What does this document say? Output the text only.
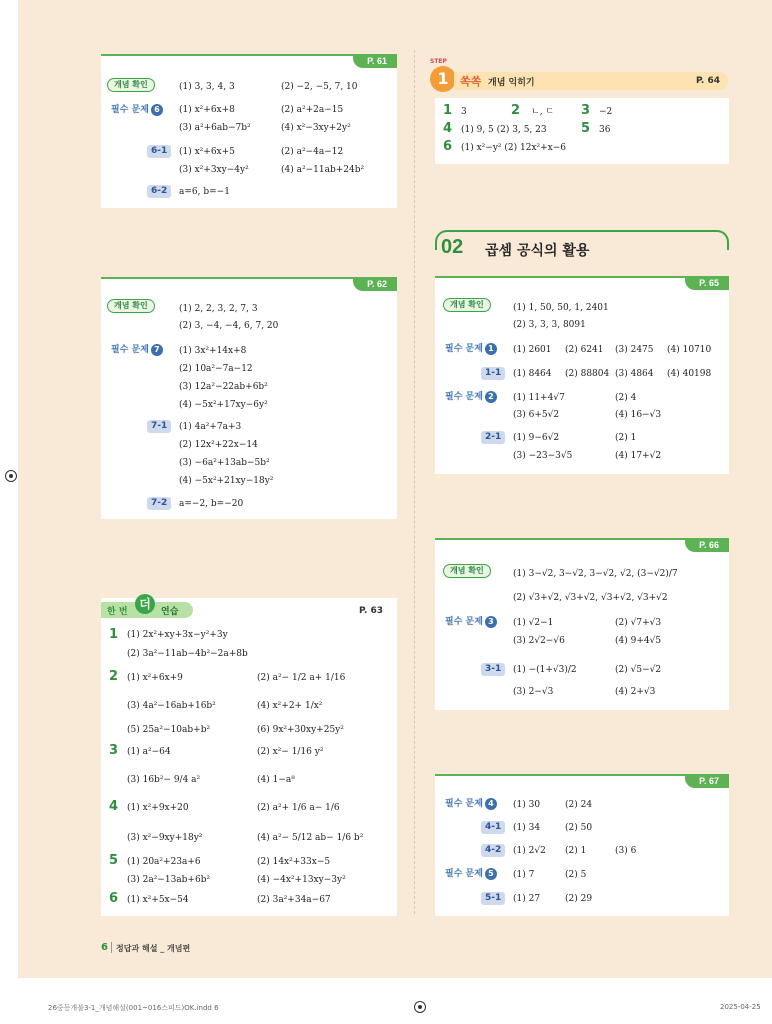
P. 61
개념 확인	(1) 3, 3, 4, 3	(2) −2, −5, 7, 10
필수 문제 6	(1) x²+6x+8	(2) a²+2a−15
(3) a²+6ab−7b²	(4) x²−3xy+2y²
6-1	(1) x²+6x+5	(2) a²−4a−12
(3) x²+3xy−4y²	(4) a²−11ab+24b²
6-2	a=6, b=−1
P. 62
개념 확인	(1) 2, 2, 3, 2, 7, 3
(2) 3, −4, −4, 6, 7, 20
필수 문제 7	(1) 3x²+14x+8
(2) 10a²−7a−12
(3) 12a²−22ab+6b²
(4) −5x²+17xy−6y²
7-1	(1) 4a²+7a+3
(2) 12x²+22x−14
(3) −6a²+13ab−5b²
(4) −5x²+21xy−18y²
7-2	a=−2, b=−20
한 번
더
연습	P. 63
1 (1) 2x²+xy+3x−y²+3y
(2) 3a²−11ab−4b²−2a+8b
2 (1) x²+6x+9	(2) a²− 1/2 a+ 1/16
(3) 4a²−16ab+16b²	(4) x²+2+ 1/x²
(5) 25a²−10ab+b²	(6) 9x²+30xy+25y²
3 (1) a²−64	(2) x²− 1/16 y²
(3) 16b²− 9/4 a²	(4) 1−a⁸
4 (1) x²+9x+20	(2) a²+ 1/6 a− 1/6
(3) x²−9xy+18y²	(4) a²− 5/12 ab− 1/6 b²
5 (1) 20a²+23a+6	(2) 14x²+33x−5
(3) 2a²−13ab+6b²	(4) −4x²+13xy−3y²
6 (1) x²+5x−54	(2) 3a²+34a−67
STEP
1	쏙쏙 개념 익히기	P. 64
1 3	2 ㄴ, ㄷ 3 −2
4 (1) 9, 5 (2) 3, 5, 23	5 36
6 (1) x²−y² (2) 12x²+x−6
02 곱셈 공식의 활용
P. 65
개념 확인	(1) 1, 50, 50, 1, 2401
(2) 3, 3, 3, 8091
필수 문제 1	(1) 2601 (2) 6241 (3) 2475 (4) 10710
1-1	(1) 8464 (2) 88804 (3) 4864 (4) 40198
필수 문제 2	(1) 11+4√7	(2) 4
(3) 6+5√2	(4) 16−√3
2-1	(1) 9−6√2	(2) 1
(3) −23−3√5	(4) 17+√2
P. 66
개념 확인	(1) 3−√2, 3−√2, 3−√2, √2, (3−√2)/7
(2) √3+√2, √3+√2, √3+√2, √3+√2
필수 문제 3	(1) √2−1	(2) √7+√3
(3) 2√2−√6	(4) 9+4√5
3-1	(1) −(1+√3)/2	(2) √5−√2
(3) 2−√3	(4) 2+√3
P. 67
필수 문제 4	(1) 30	(2) 24
4-1	(1) 34	(2) 50
4-2	(1) 2√2 (2) 1	(3) 6
필수 문제 5	(1) 7	(2) 5
5-1	(1) 27	(2) 29
6 정답과 해설 _ 개념편
26중등개불3-1_개념해설(001~016스피드)OK.indd 6	2025-04-25
